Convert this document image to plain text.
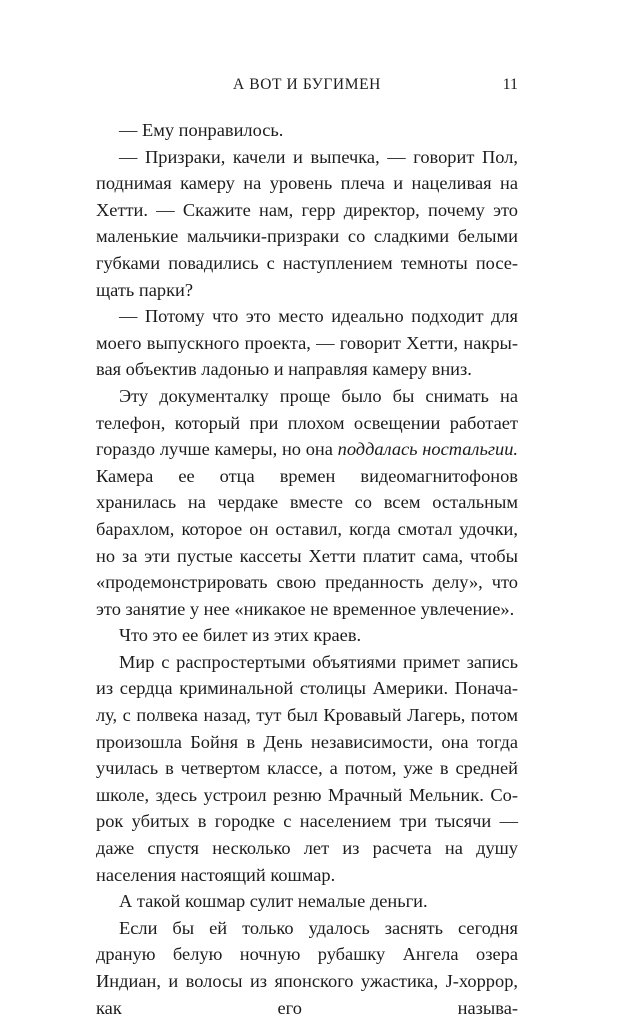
А ВОТ И БУГИМЕН	11

— Ему понравилось.

— Призраки, качели и выпечка, — говорит Пол, поднимая камеру на уровень плеча и нацеливая на Хетти. — Скажите нам, герр директор, почему это маленькие мальчики-призраки со сладкими белыми губками повадились с наступлением темноты посещать парки?

— Потому что это место идеально подходит для моего выпускного проекта, — говорит Хетти, накрывая объектив ладонью и направляя камеру вниз.

Эту документалку проще было бы снимать на телефон, который при плохом освещении работает гораздо лучше камеры, но она поддалась ностальгии. Камера ее отца времен видеомагнитофонов хранилась на чердаке вместе со всем остальным барахлом, которое он оставил, когда смотал удочки, но за эти пустые кассеты Хетти платит сама, чтобы «продемонстрировать свою преданность делу», что это занятие у нее «никакое не временное увлечение».

Что это ее билет из этих краев.

Мир с распростертыми объятиями примет запись из сердца криминальной столицы Америки. Поначaлу, с полвека назад, тут был Кровавый Лагерь, потом произошла Бойня в День независимости, она тогда училась в четвертом классе, а потом, уже в средней школе, здесь устроил резню Мрачный Мельник. Сорок убитых в городке с населением три тысячи — даже спустя несколько лет из расчета на душу населения настоящий кошмар.

А такой кошмар сулит немалые деньги.

Если бы ей только удалось заснять сегодня драную белую ночную рубашку Ангела озера Индиан, и волосы из японского ужастика, J-хоррор, как его называ-
